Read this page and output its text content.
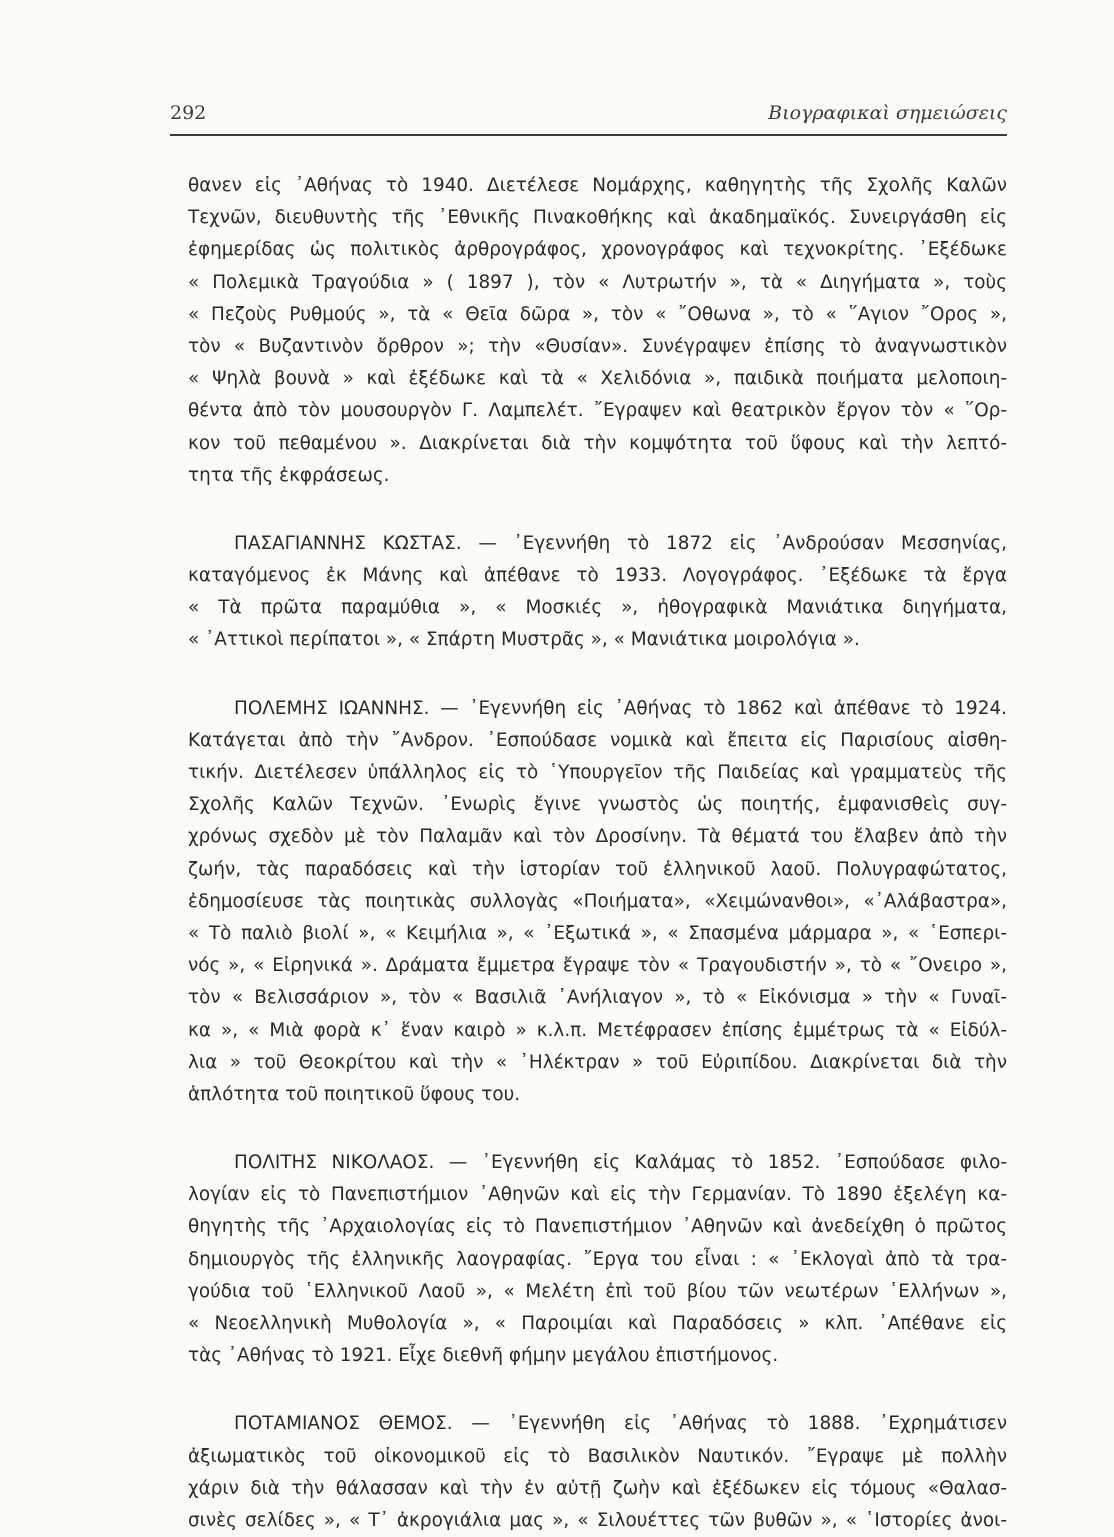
292	Βιογραφικαὶ σημειώσεις
θανεν εἰς ᾽Αθήνας τὸ 1940. Διετέλεσε Νομάρχης, καθηγητὴς τῆς Σχολῆς Καλῶν
Τεχνῶν, διευθυντὴς τῆς ᾽Εθνικῆς Πινακοθήκης καὶ ἀκαδημαϊκός. Συνειργάσθη εἰς
ἐφημερίδας ὡς πολιτικὸς ἀρθρογράφος, χρονογράφος καὶ τεχνοκρίτης. ᾽Εξέδωκε
« Πολεμικὰ Τραγούδια » ( 1897 ), τὸν « Λυτρωτήν », τὰ « Διηγήματα », τοὺς
« Πεζοὺς Ρυθμούς », τὰ « Θεῖα δῶρα », τὸν « ῎Οθωνα », τὸ « ῞Αγιον ῎Ορος »,
τὸν « Βυζαντινὸν ὄρθρον »; τὴν «Θυσίαν». Συνέγραψεν ἐπίσης τὸ ἀναγνωστικὸν
« Ψηλὰ βουνὰ » καὶ ἐξέδωκε καὶ τὰ « Χελιδόνια », παιδικὰ ποιήματα μελοποιη-
θέντα ἀπὸ τὸν μουσουργὸν Γ. Λαμπελέτ. ῎Εγραψεν καὶ θεατρικὸν ἔργον τὸν « ῞Ορ-
κον τοῦ πεθαμένου ». Διακρίνεται διὰ τὴν κομψότητα τοῦ ὕφους καὶ τὴν λεπτό-
τητα τῆς ἐκφράσεως.
ΠΑΣΑΓΙΑΝΝΗΣ ΚΩΣΤΑΣ. — ᾽Εγεννήθη τὸ 1872 εἰς ᾽Ανδρούσαν Μεσσηνίας,
καταγόμενος ἐκ Μάνης καὶ ἀπέθανε τὸ 1933. Λογογράφος. ᾽Εξέδωκε τὰ ἔργα
« Τὰ πρῶτα παραμύθια », « Μοσκιές », ἠθογραφικὰ Μανιάτικα διηγήματα,
« ᾽Αττικοὶ περίπατοι », « Σπάρτη Μυστρᾶς », « Μανιάτικα μοιρολόγια ».
ΠΟΛΕΜΗΣ ΙΩΑΝΝΗΣ. — ᾽Εγεννήθη εἰς ᾽Αθήνας τὸ 1862 καὶ ἀπέθανε τὸ 1924.
Κατάγεται ἀπὸ τὴν ῎Ανδρον. ᾽Εσπούδασε νομικὰ καὶ ἔπειτα εἰς Παρισίους αἰσθη-
τικήν. Διετέλεσεν ὑπάλληλος εἰς τὸ ῾Υπουργεῖον τῆς Παιδείας καὶ γραμματεὺς τῆς
Σχολῆς Καλῶν Τεχνῶν. ᾽Ενωρὶς ἔγινε γνωστὸς ὡς ποιητής, ἐμφανισθεὶς συγ-
χρόνως σχεδὸν μὲ τὸν Παλαμᾶν καὶ τὸν Δροσίνην. Τὰ θέματά του ἔλαβεν ἀπὸ τὴν
ζωήν, τὰς παραδόσεις καὶ τὴν ἱστορίαν τοῦ ἑλληνικοῦ λαοῦ. Πολυγραφώτατος,
ἐδημοσίευσε τὰς ποιητικὰς συλλογὰς «Ποιήματα», «Χειμώνανθοι», «᾽Αλάβαστρα»,
« Τὸ παλιὸ βιολί », « Κειμήλια », « ᾽Εξωτικά », « Σπασμένα μάρμαρα », « ῾Εσπερι-
νός », « Εἰρηνικά ». Δράματα ἔμμετρα ἔγραψε τὸν « Τραγουδιστήν », τὸ « ῎Ονειρο »,
τὸν « Βελισσάριον », τὸν « Βασιλιᾶ ᾽Ανήλιαγον », τὸ « Εἰκόνισμα » τὴν « Γυναῖ-
κα », « Μιὰ φορὰ κ᾽ ἕναν καιρὸ » κ.λ.π. Μετέφρασεν ἐπίσης ἐμμέτρως τὰ « Εἰδύλ-
λια » τοῦ Θεοκρίτου καὶ τὴν « ᾽Ηλέκτραν » τοῦ Εὐριπίδου. Διακρίνεται διὰ τὴν
ἁπλότητα τοῦ ποιητικοῦ ὕφους του.
ΠΟΛΙΤΗΣ ΝΙΚΟΛΑΟΣ. — ᾽Εγεννήθη εἰς Καλάμας τὸ 1852. ᾽Εσπούδασε φιλο-
λογίαν εἰς τὸ Πανεπιστήμιον ᾽Αθηνῶν καὶ εἰς τὴν Γερμανίαν. Τὸ 1890 ἐξελέγη κα-
θηγητὴς τῆς ᾽Αρχαιολογίας εἰς τὸ Πανεπιστήμιον ᾽Αθηνῶν καὶ ἀνεδείχθη ὁ πρῶτος
δημιουργὸς τῆς ἑλληνικῆς λαογραφίας. ῎Εργα του εἶναι : « ᾽Εκλογαὶ ἀπὸ τὰ τρα-
γούδια τοῦ ῾Ελληνικοῦ Λαοῦ », « Μελέτη ἐπὶ τοῦ βίου τῶν νεωτέρων ῾Ελλήνων »,
« Νεοελληνικὴ Μυθολογία », « Παροιμίαι καὶ Παραδόσεις » κλπ. ᾽Απέθανε εἰς
τὰς ᾽Αθήνας τὸ 1921. Εἶχε διεθνῆ φήμην μεγάλου ἐπιστήμονος.
ΠΟΤΑΜΙΑΝΟΣ ΘΕΜΟΣ. — ᾽Εγεννήθη εἰς ᾽Αθήνας τὸ 1888. ᾽Εχρημάτισεν
ἀξιωματικὸς τοῦ οἰκονομικοῦ εἰς τὸ Βασιλικὸν Ναυτικόν. ῎Εγραψε μὲ πολλὴν
χάριν διὰ τὴν θάλασσαν καὶ τὴν ἐν αὐτῇ ζωὴν καὶ ἐξέδωκεν εἰς τόμους «Θαλασ-
σινὲς σελίδες », « Τ᾽ ἀκρογιάλια μας », « Σιλουέττες τῶν βυθῶν », « ῾Ιστορίες ἀνοι-
